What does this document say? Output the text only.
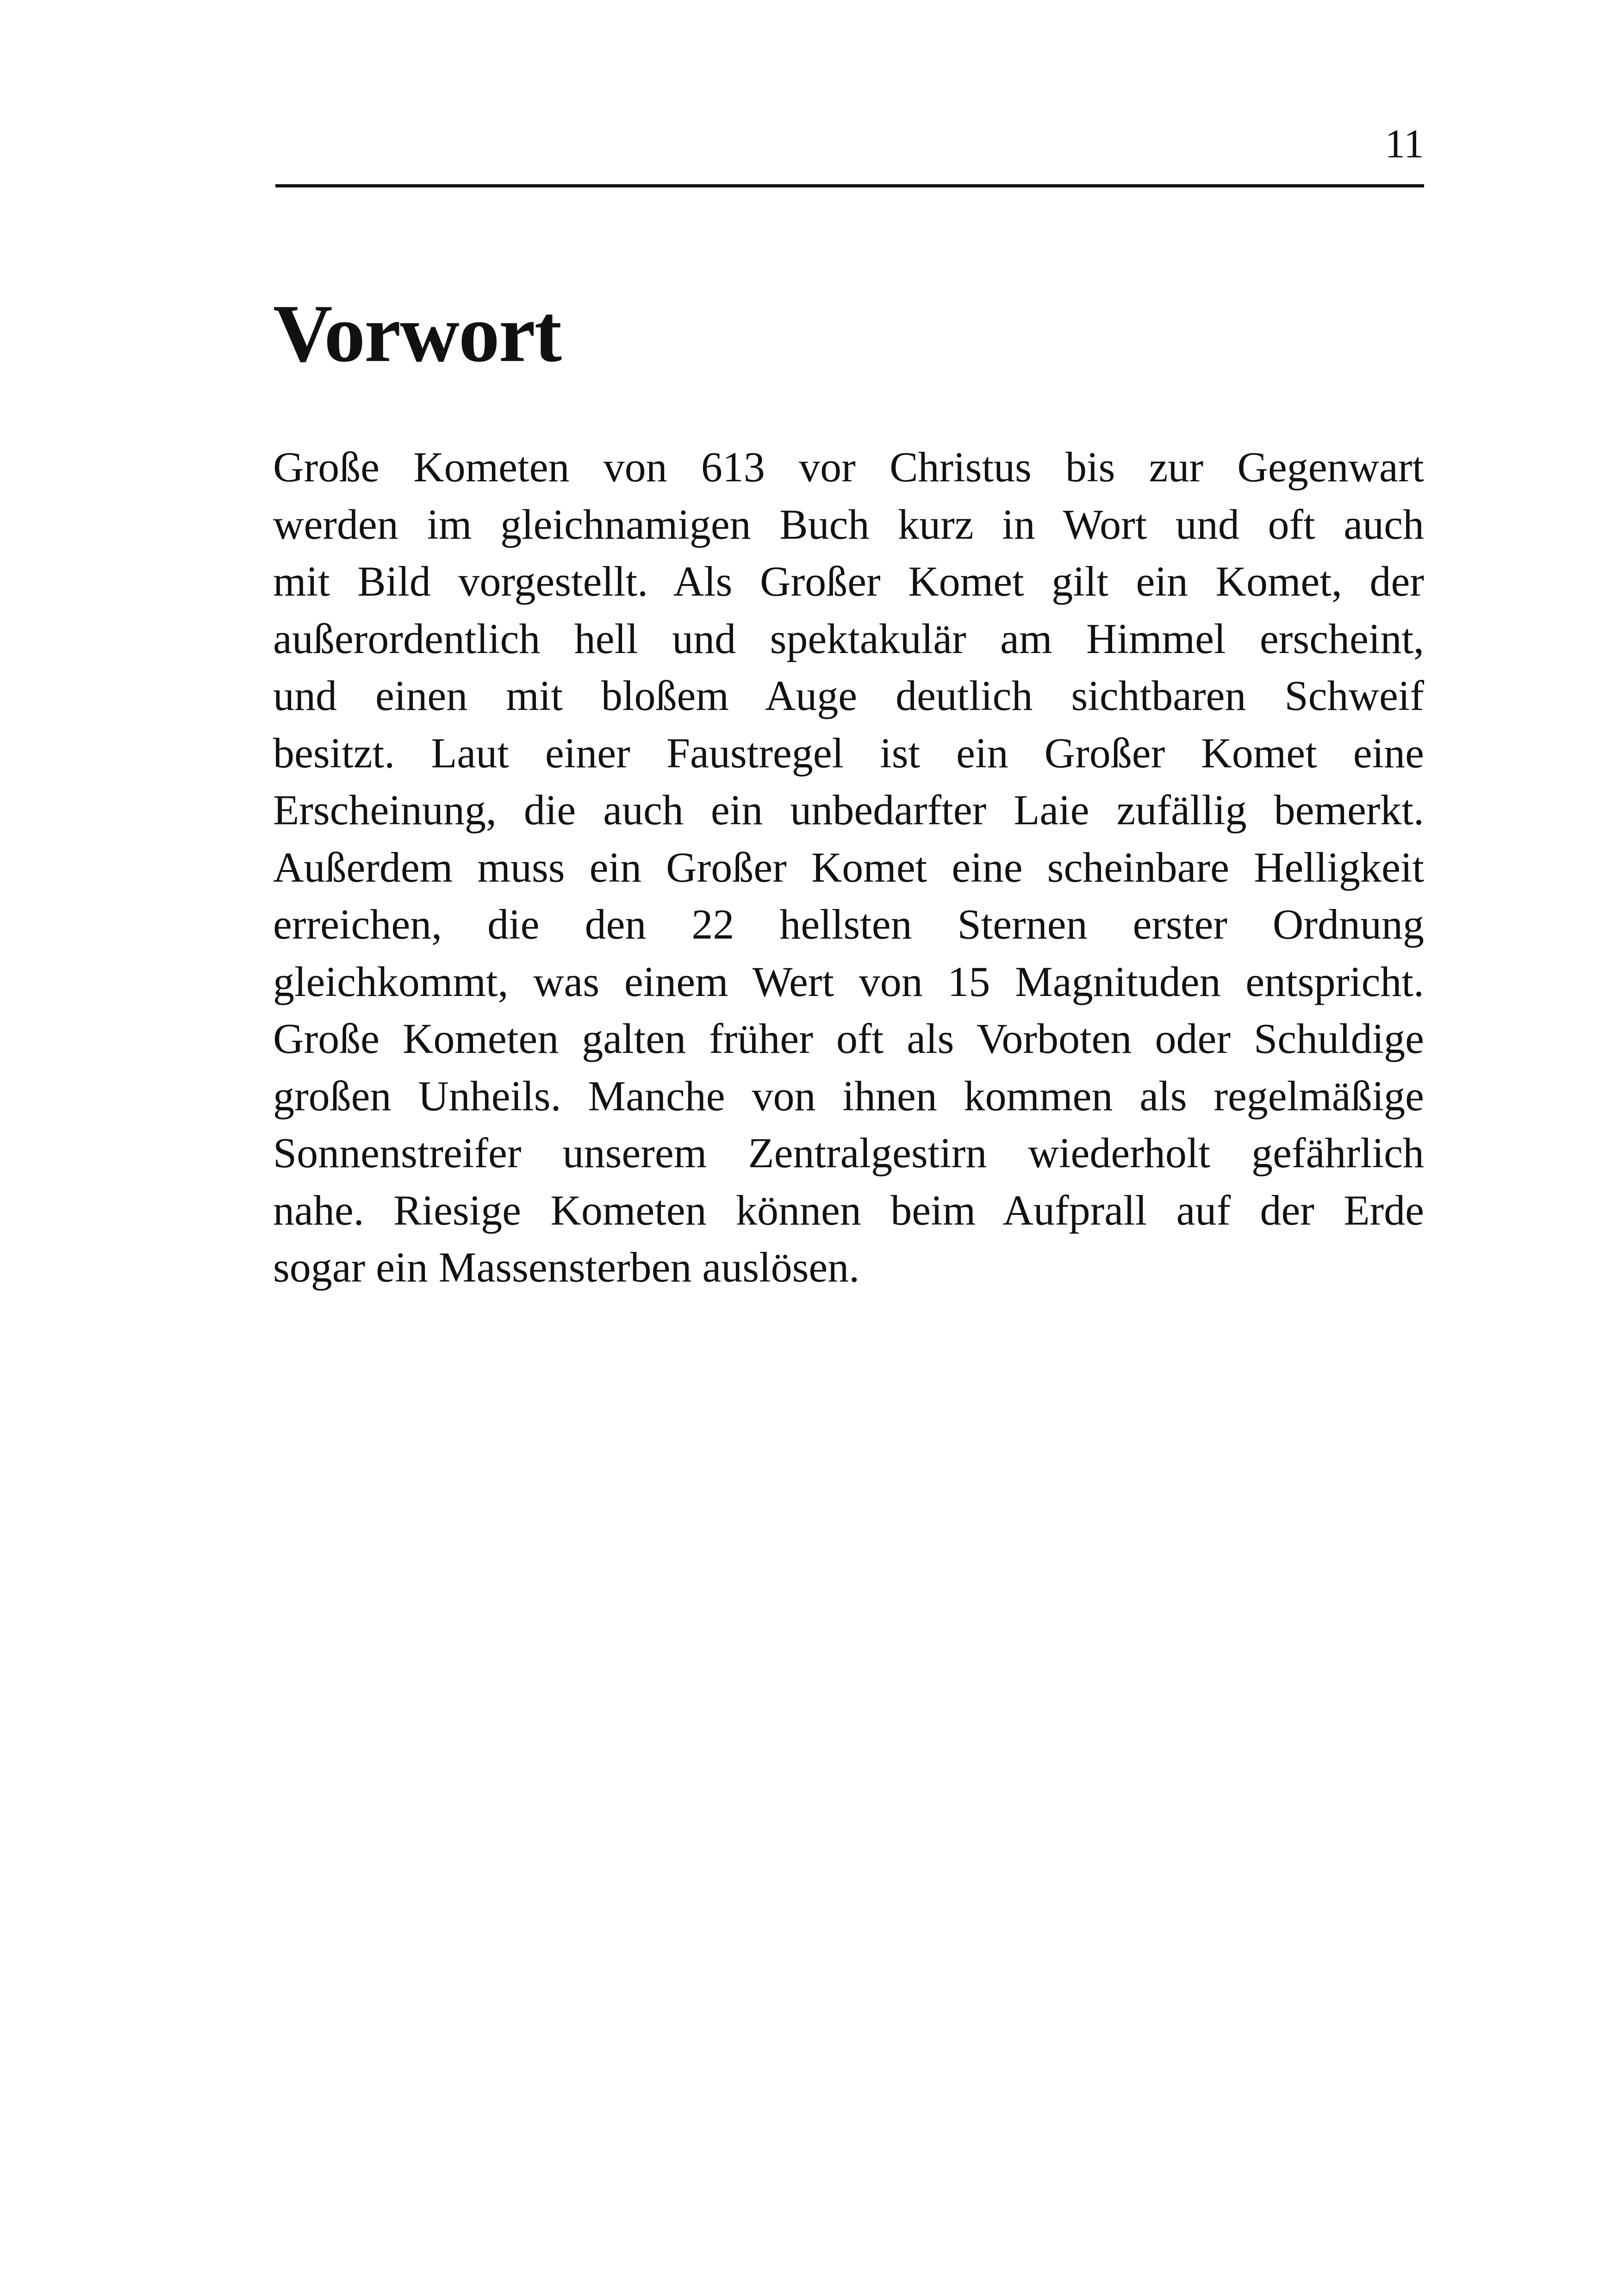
11
Vorwort
Große Kometen von 613 vor Christus bis zur Gegenwart
werden im gleichnamigen Buch kurz in Wort und oft auch
mit Bild vorgestellt. Als Großer Komet gilt ein Komet, der
außerordentlich hell und spektakulär am Himmel erscheint,
und einen mit bloßem Auge deutlich sichtbaren Schweif
besitzt. Laut einer Faustregel ist ein Großer Komet eine
Erscheinung, die auch ein unbedarfter Laie zufällig bemerkt.
Außerdem muss ein Großer Komet eine scheinbare Helligkeit
erreichen, die den 22 hellsten Sternen erster Ordnung
gleichkommt, was einem Wert von 15 Magnituden entspricht.
Große Kometen galten früher oft als Vorboten oder Schuldige
großen Unheils. Manche von ihnen kommen als regelmäßige
Sonnenstreifer unserem Zentralgestirn wiederholt gefährlich
nahe. Riesige Kometen können beim Aufprall auf der Erde
sogar ein Massensterben auslösen.
